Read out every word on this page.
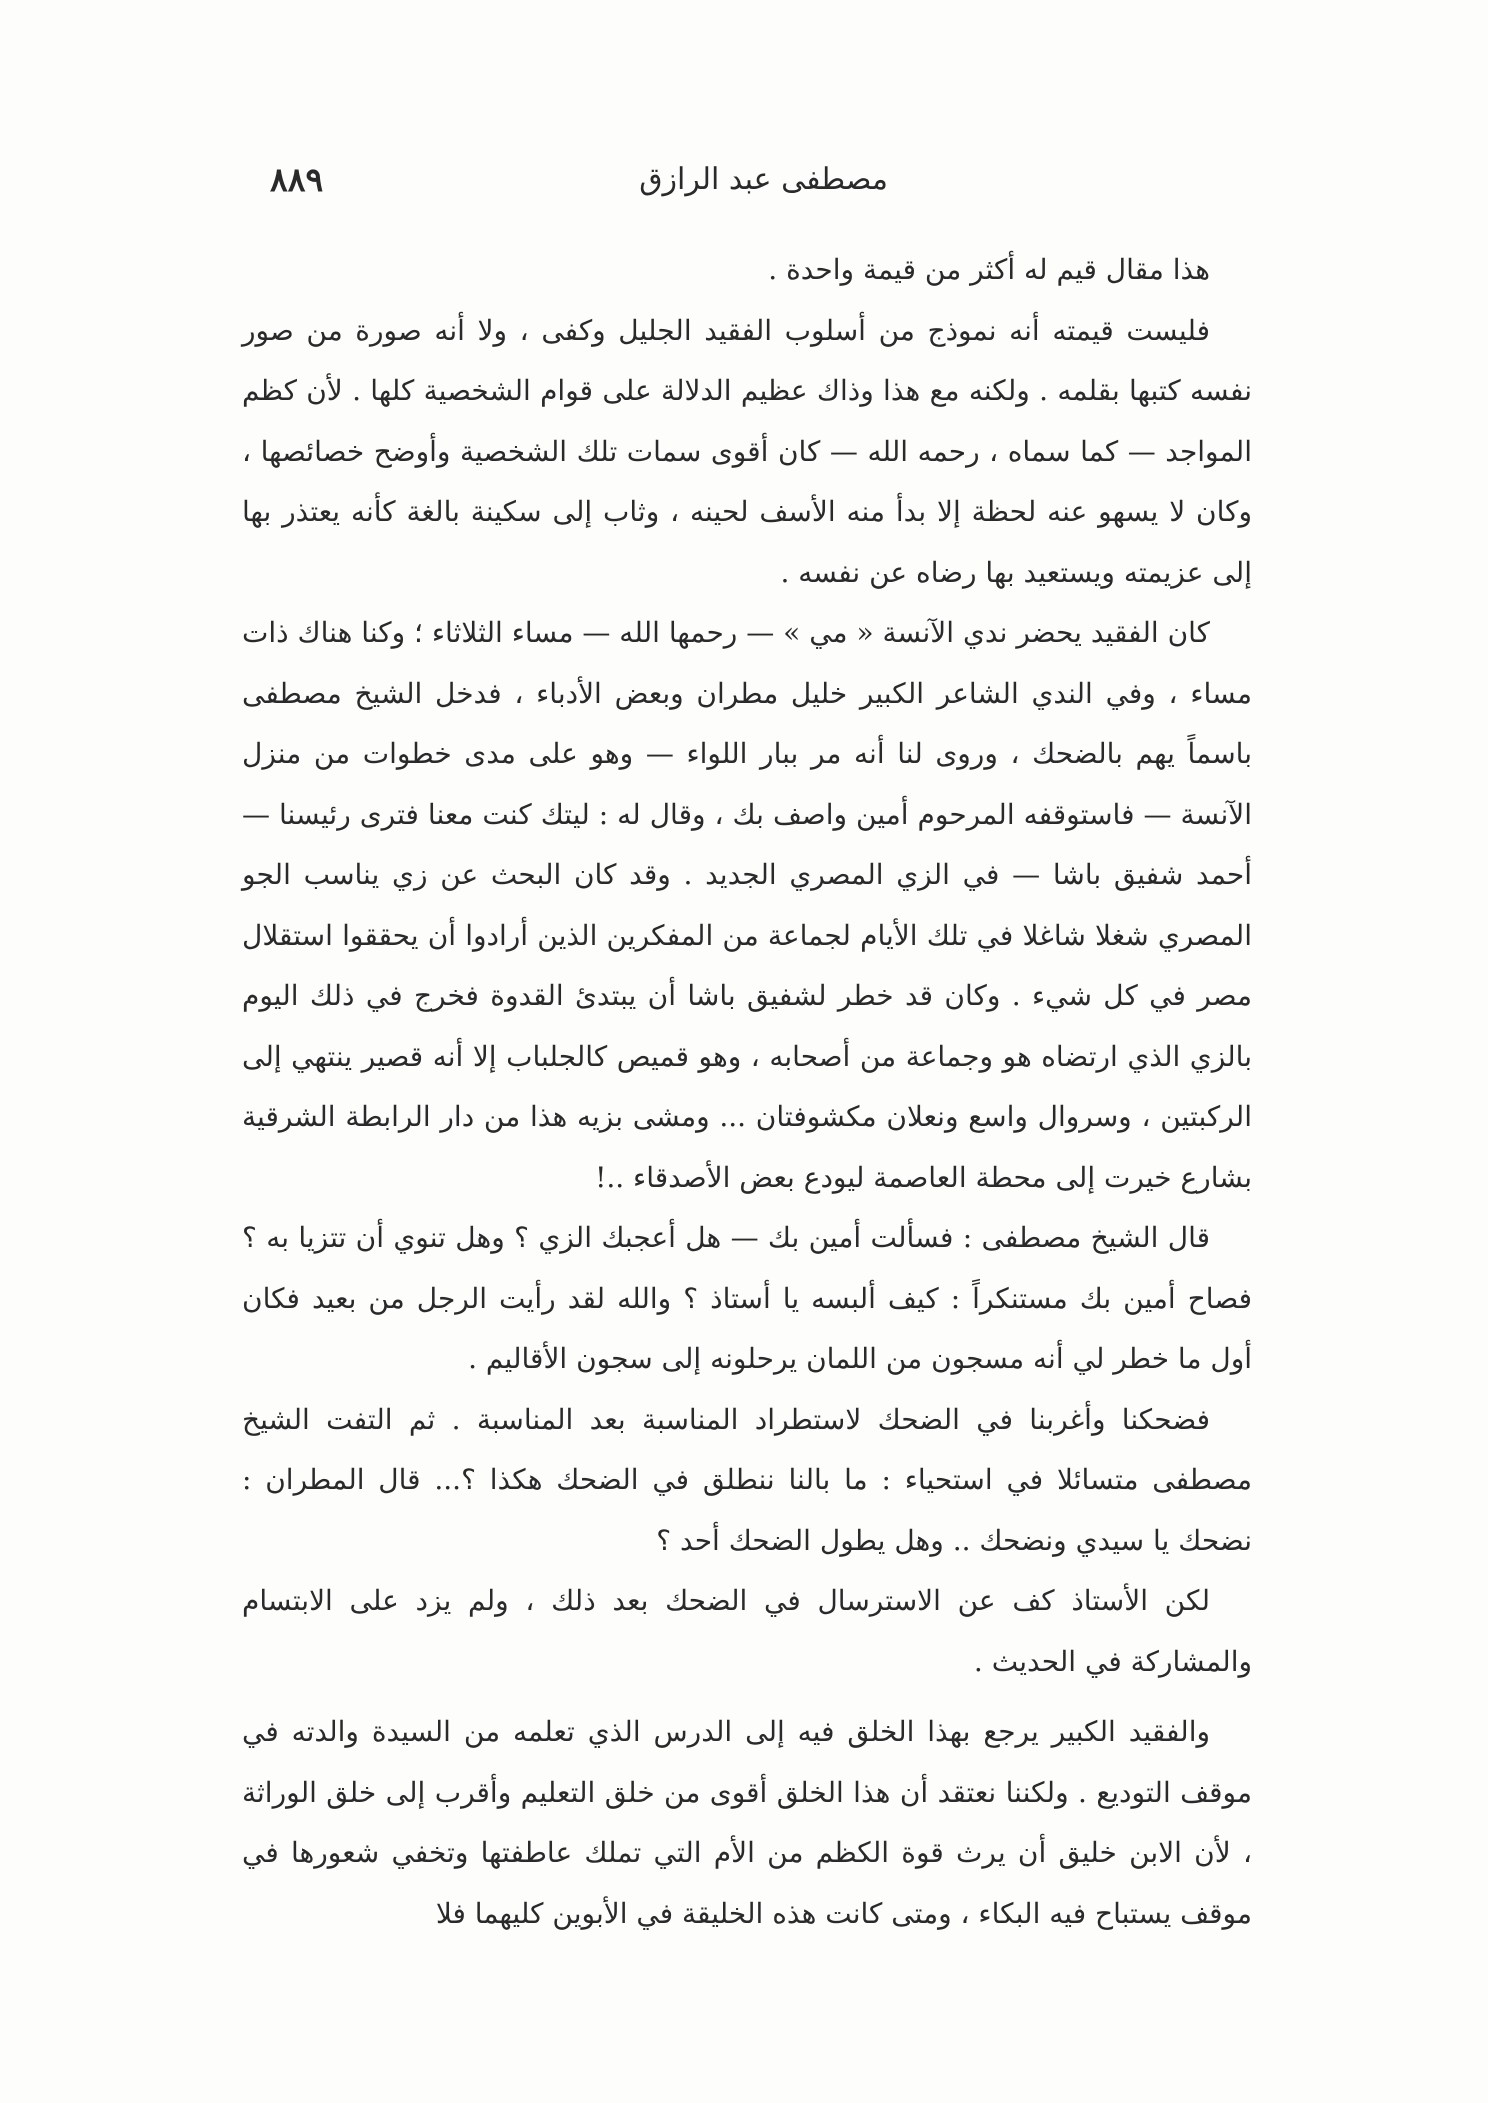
مصطفى عبد الرازق
٨٨٩

هذا مقال قيم له أكثر من قيمة واحدة .

فليست قيمته أنه نموذج من أسلوب الفقيد الجليل وكفى ، ولا أنه صورة من صور نفسه كتبها بقلمه . ولكنه مع هذا وذاك عظيم الدلالة على قوام الشخصية كلها . لأن كظم المواجد — كما سماه ، رحمه الله — كان أقوى سمات تلك الشخصية وأوضح خصائصها ، وكان لا يسهو عنه لحظة إلا بدأ منه الأسف لحينه ، وثاب إلى سكينة بالغة كأنه يعتذر بها إلى عزيمته ويستعيد بها رضاه عن نفسه .

كان الفقيد يحضر ندي الآنسة « مي » — رحمها الله — مساء الثلاثاء ؛ وكنا هناك ذات مساء ، وفي الندي الشاعر الكبير خليل مطران وبعض الأدباء ، فدخل الشيخ مصطفى باسماً يهم بالضحك ، وروى لنا أنه مر ببار اللواء — وهو على مدى خطوات من منزل الآنسة — فاستوقفه المرحوم أمين واصف بك ، وقال له : ليتك كنت معنا فترى رئيسنا — أحمد شفيق باشا — في الزي المصري الجديد . وقد كان البحث عن زي يناسب الجو المصري شغلا شاغلا في تلك الأيام لجماعة من المفكرين الذين أرادوا أن يحققوا استقلال مصر في كل شيء . وكان قد خطر لشفيق باشا أن يبتدئ القدوة فخرج في ذلك اليوم بالزي الذي ارتضاه هو وجماعة من أصحابه ، وهو قميص كالجلباب إلا أنه قصير ينتهي إلى الركبتين ، وسروال واسع ونعلان مكشوفتان ... ومشى بزيه هذا من دار الرابطة الشرقية بشارع خيرت إلى محطة العاصمة ليودع بعض الأصدقاء ..!

قال الشيخ مصطفى : فسألت أمين بك — هل أعجبك الزي ؟ وهل تنوي أن تتزيا به ؟ فصاح أمين بك مستنكراً : كيف ألبسه يا أستاذ ؟ والله لقد رأيت الرجل من بعيد فكان أول ما خطر لي أنه مسجون من اللمان يرحلونه إلى سجون الأقاليم .

فضحكنا وأغربنا في الضحك لاستطراد المناسبة بعد المناسبة . ثم التفت الشيخ مصطفى متسائلا في استحياء : ما بالنا ننطلق في الضحك هكذا ؟... قال المطران : نضحك يا سيدي ونضحك .. وهل يطول الضحك أحد ؟

لكن الأستاذ كف عن الاسترسال في الضحك بعد ذلك ، ولم يزد على الابتسام والمشاركة في الحديث .

والفقيد الكبير يرجع بهذا الخلق فيه إلى الدرس الذي تعلمه من السيدة والدته في موقف التوديع . ولكننا نعتقد أن هذا الخلق أقوى من خلق التعليم وأقرب إلى خلق الوراثة ، لأن الابن خليق أن يرث قوة الكظم من الأم التي تملك عاطفتها وتخفي شعورها في موقف يستباح فيه البكاء ، ومتى كانت هذه الخليقة في الأبوين كليهما فلا
